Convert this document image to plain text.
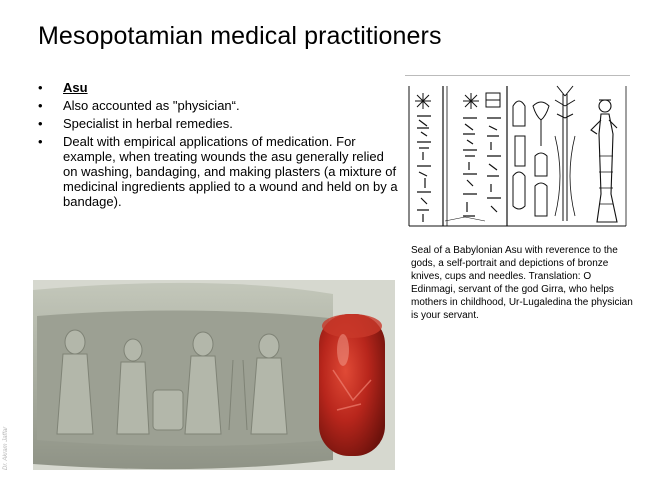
Mesopotamian medical practitioners
• Asu
• Also accounted as "physician“.
• Specialist in herbal remedies.
• Dealt with empirical applications of medication. For example, when treating wounds the asu generally relied on washing, bandaging, and making plasters (a mixture of medicinal ingredients applied to a wound and held on by a bandage).

Seal of a Babylonian Asu with reverence to the gods, a self-portrait and depictions of bronze knives, cups and needles. Translation: O Edinmagi, servant of the god Girra, who helps mothers in childhood, Ur-Lugaledina the physician is your servant.

Dr. Akram Jaffar
